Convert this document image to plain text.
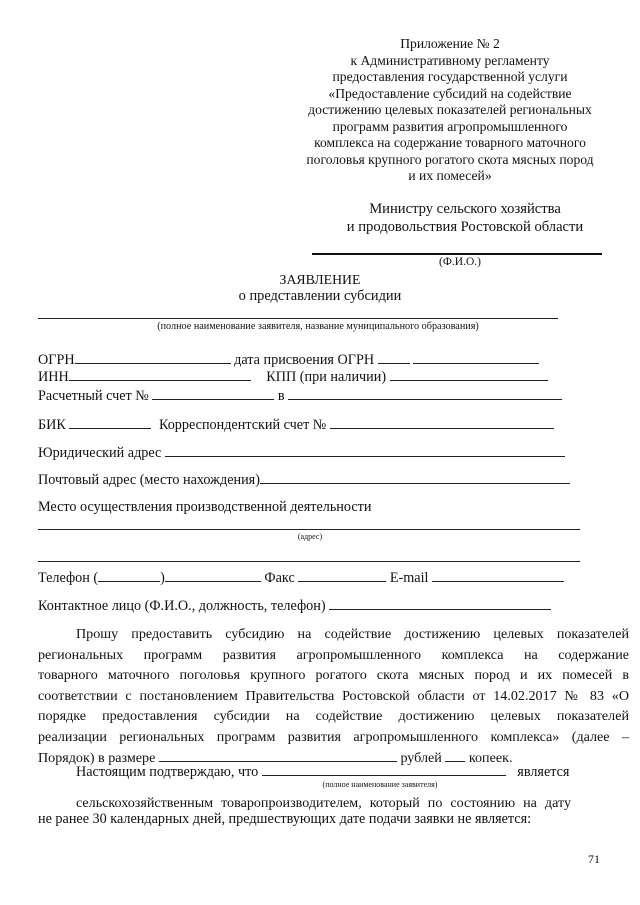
Приложение № 2
к Административному регламенту
предоставления государственной услуги
«Предоставление субсидий на содействие
достижению целевых показателей региональных
программ развития агропромышленного
комплекса на содержание товарного маточного
поголовья крупного рогатого скота мясных пород
и их помесей»
Министру сельского хозяйства
и продовольствия Ростовской области
(Ф.И.О.)
ЗАЯВЛЕНИЕ
о представлении субсидии
(полное наименование заявителя, название муниципального образования)
ОГРН	дата присвоения ОГРН
ИНН	КПП (при наличии)
Расчетный счет №	в
БИК	Корреспондентский счет №
Юридический адрес
Почтовый адрес (место нахождения)
Место осуществления производственной деятельности
(адрес)
Телефон (	)	Факс	E-mail
Контактное лицо (Ф.И.О., должность, телефон)
Прошу предоставить субсидию на содействие достижению целевых показателей
региональных программ развития агропромышленного комплекса на содержание
товарного маточного поголовья крупного рогатого скота мясных пород и их помесей в
соответствии с постановлением Правительства Ростовской области от 14.02.2017 № 83 «О
порядке предоставления субсидии на содействие достижению целевых показателей
реализации региональных программ развития агропромышленного комплекса» (далее –
Порядок) в размере	рублей копеек.
Настоящим подтверждаю, что	является
(полное наименование заявителя)
сельскохозяйственным товаропроизводителем, который по состоянию на дату
не ранее 30 календарных дней, предшествующих дате подачи заявки не является:
71
